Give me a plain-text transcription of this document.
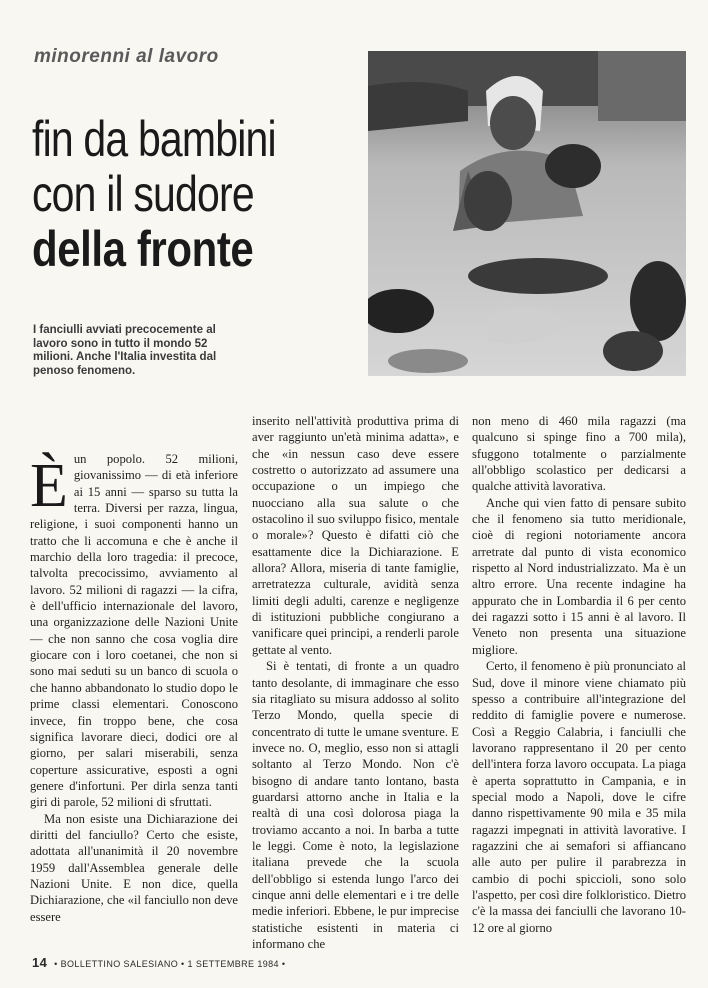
minorenni al lavoro
fin da bambini
con il sudore
della fronte
I fanciulli avviati precocemente al lavoro sono in tutto il mondo 52 milioni. Anche l'Italia investita dal penoso fenomeno.

Èun popolo. 52 milioni, giovanissimo — di età inferiore ai 15 anni — sparso su tutta la terra. Diversi per razza, lingua, religione, i suoi componenti hanno un tratto che li accomuna e che è anche il marchio della loro tragedia: il precoce, talvolta precocissimo, avviamento al lavoro. 52 milioni di ragazzi — la cifra, è dell'ufficio internazionale del lavoro, una organizzazione delle Nazioni Unite — che non sanno che cosa voglia dire giocare con i loro coetanei, che non si sono mai seduti su un banco di scuola o che hanno abbandonato lo studio dopo le prime classi elementari. Conoscono invece, fin troppo bene, che cosa significa lavorare dieci, dodici ore al giorno, per salari miserabili, senza coperture assicurative, esposti a ogni genere d'infortuni. Per dirla senza tanti giri di parole, 52 milioni di sfruttati.

Ma non esiste una Dichiarazione dei diritti del fanciullo? Certo che esiste, adottata all'unanimità il 20 novembre 1959 dall'Assemblea generale delle Nazioni Unite. E non dice, quella Dichiarazione, che «il fanciullo non deve essere

inserito nell'attività produttiva prima di aver raggiunto un'età minima adatta», e che «in nessun caso deve essere costretto o autorizzato ad assumere una occupazione o un impiego che nuocciano alla sua salute o che ostacolino il suo sviluppo fisico, mentale o morale»? Questo è difatti ciò che esattamente dice la Dichiarazione. E allora? Allora, miseria di tante famiglie, arretratezza culturale, avidità senza limiti degli adulti, carenze e negligenze di istituzioni pubbliche congiurano a vanificare quei principi, a renderli parole gettate al vento.

Si è tentati, di fronte a un quadro tanto desolante, di immaginare che esso sia ritagliato su misura addosso al solito Terzo Mondo, quella specie di concentrato di tutte le umane sventure. E invece no. O, meglio, esso non si attagli soltanto al Terzo Mondo. Non c'è bisogno di andare tanto lontano, basta guardarsi attorno anche in Italia e la realtà di una così dolorosa piaga la troviamo accanto a noi. In barba a tutte le leggi. Come è noto, la legislazione italiana prevede che la scuola dell'obbligo si estenda lungo l'arco dei cinque anni delle elementari e i tre delle medie inferiori. Ebbene, le pur imprecise statistiche esistenti in materia ci informano che

non meno di 460 mila ragazzi (ma qualcuno si spinge fino a 700 mila), sfuggono totalmente o parzialmente all'obbligo scolastico per dedicarsi a qualche attività lavorativa.

Anche qui vien fatto di pensare subito che il fenomeno sia tutto meridionale, cioè di regioni notoriamente ancora arretrate dal punto di vista economico rispetto al Nord industrializzato. Ma è un altro errore. Una recente indagine ha appurato che in Lombardia il 6 per cento dei ragazzi sotto i 15 anni è al lavoro. Il Veneto non presenta una situazione migliore.

Certo, il fenomeno è più pronunciato al Sud, dove il minore viene chiamato più spesso a contribuire all'integrazione del reddito di famiglie povere e numerose. Così a Reggio Calabria, i fanciulli che lavorano rappresentano il 20 per cento dell'intera forza lavoro occupata. La piaga è aperta soprattutto in Campania, e in special modo a Napoli, dove le cifre danno rispettivamente 90 mila e 35 mila ragazzi impegnati in attività lavorative. I ragazzini che ai semafori si affiancano alle auto per pulire il parabrezza in cambio di pochi spiccioli, sono solo l'aspetto, per così dire folkloristico. Dietro c'è la massa dei fanciulli che lavorano 10-12 ore al giorno

14 • BOLLETTINO SALESIANO • 1 SETTEMBRE 1984 •
